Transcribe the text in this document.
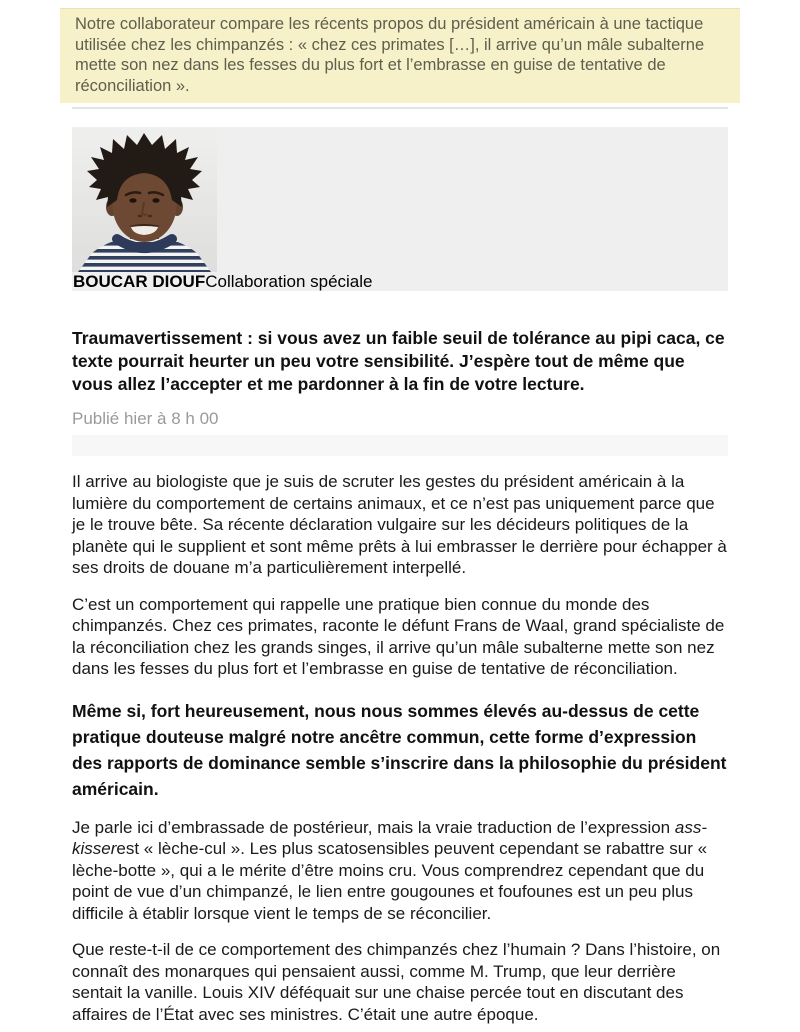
Notre collaborateur compare les récents propos du président américain à une tactique utilisée chez les chimpanzés : « chez ces primates […], il arrive qu’un mâle subalterne mette son nez dans les fesses du plus fort et l’embrasse en guise de tentative de réconciliation ».

BOUCAR DIOUFCollaboration spéciale

Traumavertissement : si vous avez un faible seuil de tolérance au pipi caca, ce texte pourrait heurter un peu votre sensibilité. J’espère tout de même que vous allez l’accepter et me pardonner à la fin de votre lecture.

Publié hier à 8 h 00

Il arrive au biologiste que je suis de scruter les gestes du président américain à la lumière du comportement de certains animaux, et ce n’est pas uniquement parce que je le trouve bête. Sa récente déclaration vulgaire sur les décideurs politiques de la planète qui le supplient et sont même prêts à lui embrasser le derrière pour échapper à ses droits de douane m’a particulièrement interpellé.

C’est un comportement qui rappelle une pratique bien connue du monde des chimpanzés. Chez ces primates, raconte le défunt Frans de Waal, grand spécialiste de la réconciliation chez les grands singes, il arrive qu’un mâle subalterne mette son nez dans les fesses du plus fort et l’embrasse en guise de tentative de réconciliation.

Même si, fort heureusement, nous nous sommes élevés au-dessus de cette pratique douteuse malgré notre ancêtre commun, cette forme d’expression des rapports de dominance semble s’inscrire dans la philosophie du président américain.

Je parle ici d’embrassade de postérieur, mais la vraie traduction de l’expression ass-kisserest « lèche-cul ». Les plus scatosensibles peuvent cependant se rabattre sur « lèche-botte », qui a le mérite d’être moins cru. Vous comprendrez cependant que du point de vue d’un chimpanzé, le lien entre gougounes et foufounes est un peu plus difficile à établir lorsque vient le temps de se réconcilier.

Que reste-t-il de ce comportement des chimpanzés chez l’humain ? Dans l’histoire, on connaît des monarques qui pensaient aussi, comme M. Trump, que leur derrière sentait la vanille. Louis XIV déféquait sur une chaise percée tout en discutant des affaires de l’État avec ses ministres. C’était une autre époque.
